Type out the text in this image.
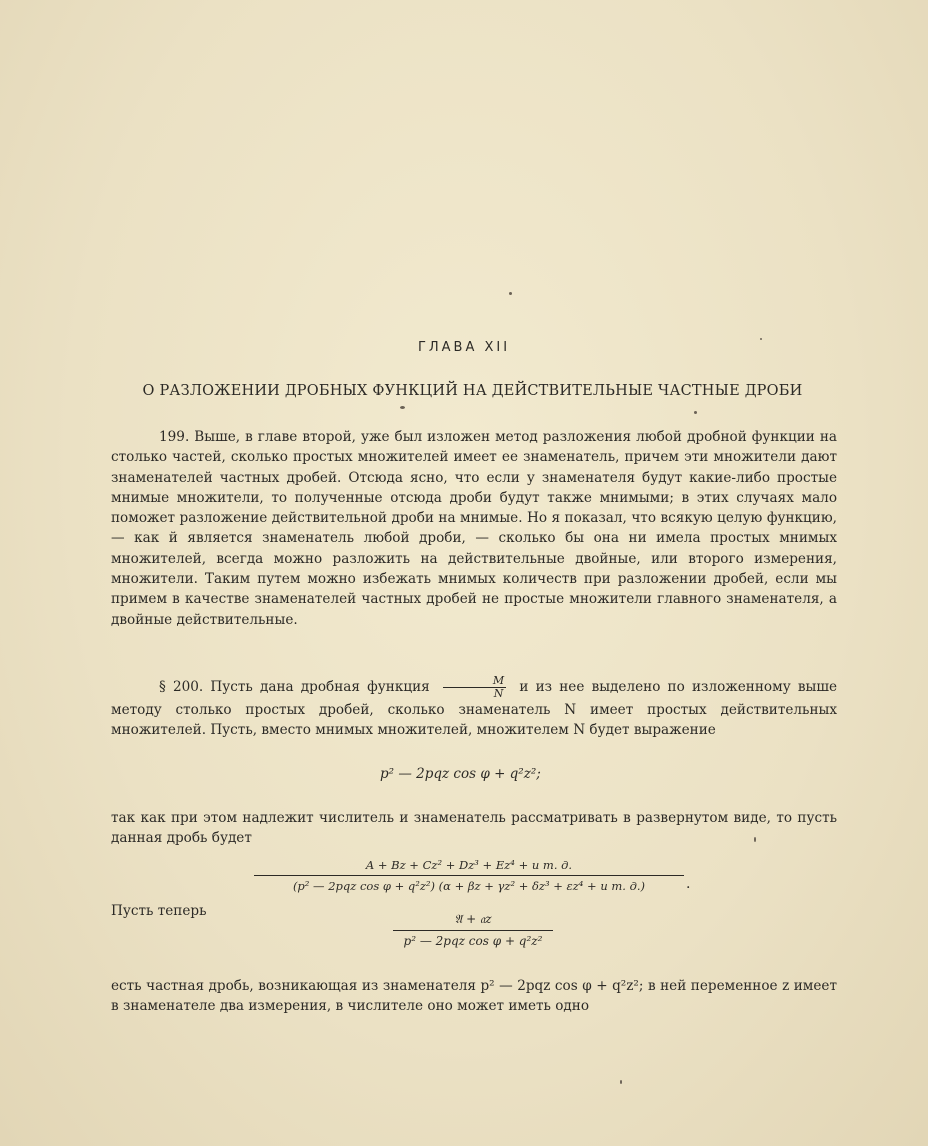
ГЛАВА XII
О РАЗЛОЖЕНИИ ДРОБНЫХ ФУНКЦИЙ НА ДЕЙСТВИТЕЛЬНЫЕ ЧАСТНЫЕ ДРОБИ
199. Выше, в главе второй, уже был изложен метод разложения любой дробной функции на столько частей, сколько простых множителей имеет ее знаменатель, причем эти множители дают знаменателей частных дробей. Отсюда ясно, что если у знаменателя будут какие-либо простые мнимые множители, то полученные отсюда дроби будут также мнимыми; в этих случаях мало поможет разложение действительной дроби на мнимые. Но я показал, что всякую целую функцию, — как й является знаменатель любой дроби, — сколько бы она ни имела простых мнимых множителей, всегда можно разложить на действительные двойные, или второго измерения, множители. Таким путем можно избежать мнимых количеств при разложении дробей, если мы примем в качестве знаменателей частных дробей не простые множители главного знаменателя, а двойные действительные.
§ 200. Пусть дана дробная функция $\frac{M}{N}$ и из нее выделено по изложенному выше методу столько простых дробей, сколько знаменатель N имеет простых действительных множителей. Пусть, вместо мнимых множителей, множителем N будет выражение
p² — 2pqz cos φ + q²z²;
так как при этом надлежит числитель и знаменатель рассматривать в развернутом виде, то пусть данная дробь будет
A + Bz + Cz² + Dz³ + Ez⁴ + и т. д.
(p² — 2pqz cos φ + q²z²) (α + βz + γz² + δz³ + εz⁴ + и т. д.)	.
Пусть теперь	𝔄 + 𝔞z
p² — 2pqz cos φ + q²z²
есть частная дробь, возникающая из знаменателя p² — 2pqz cos φ + q²z²; в ней переменное z имеет в знаменателе два измерения, в числителе оно может иметь одно
